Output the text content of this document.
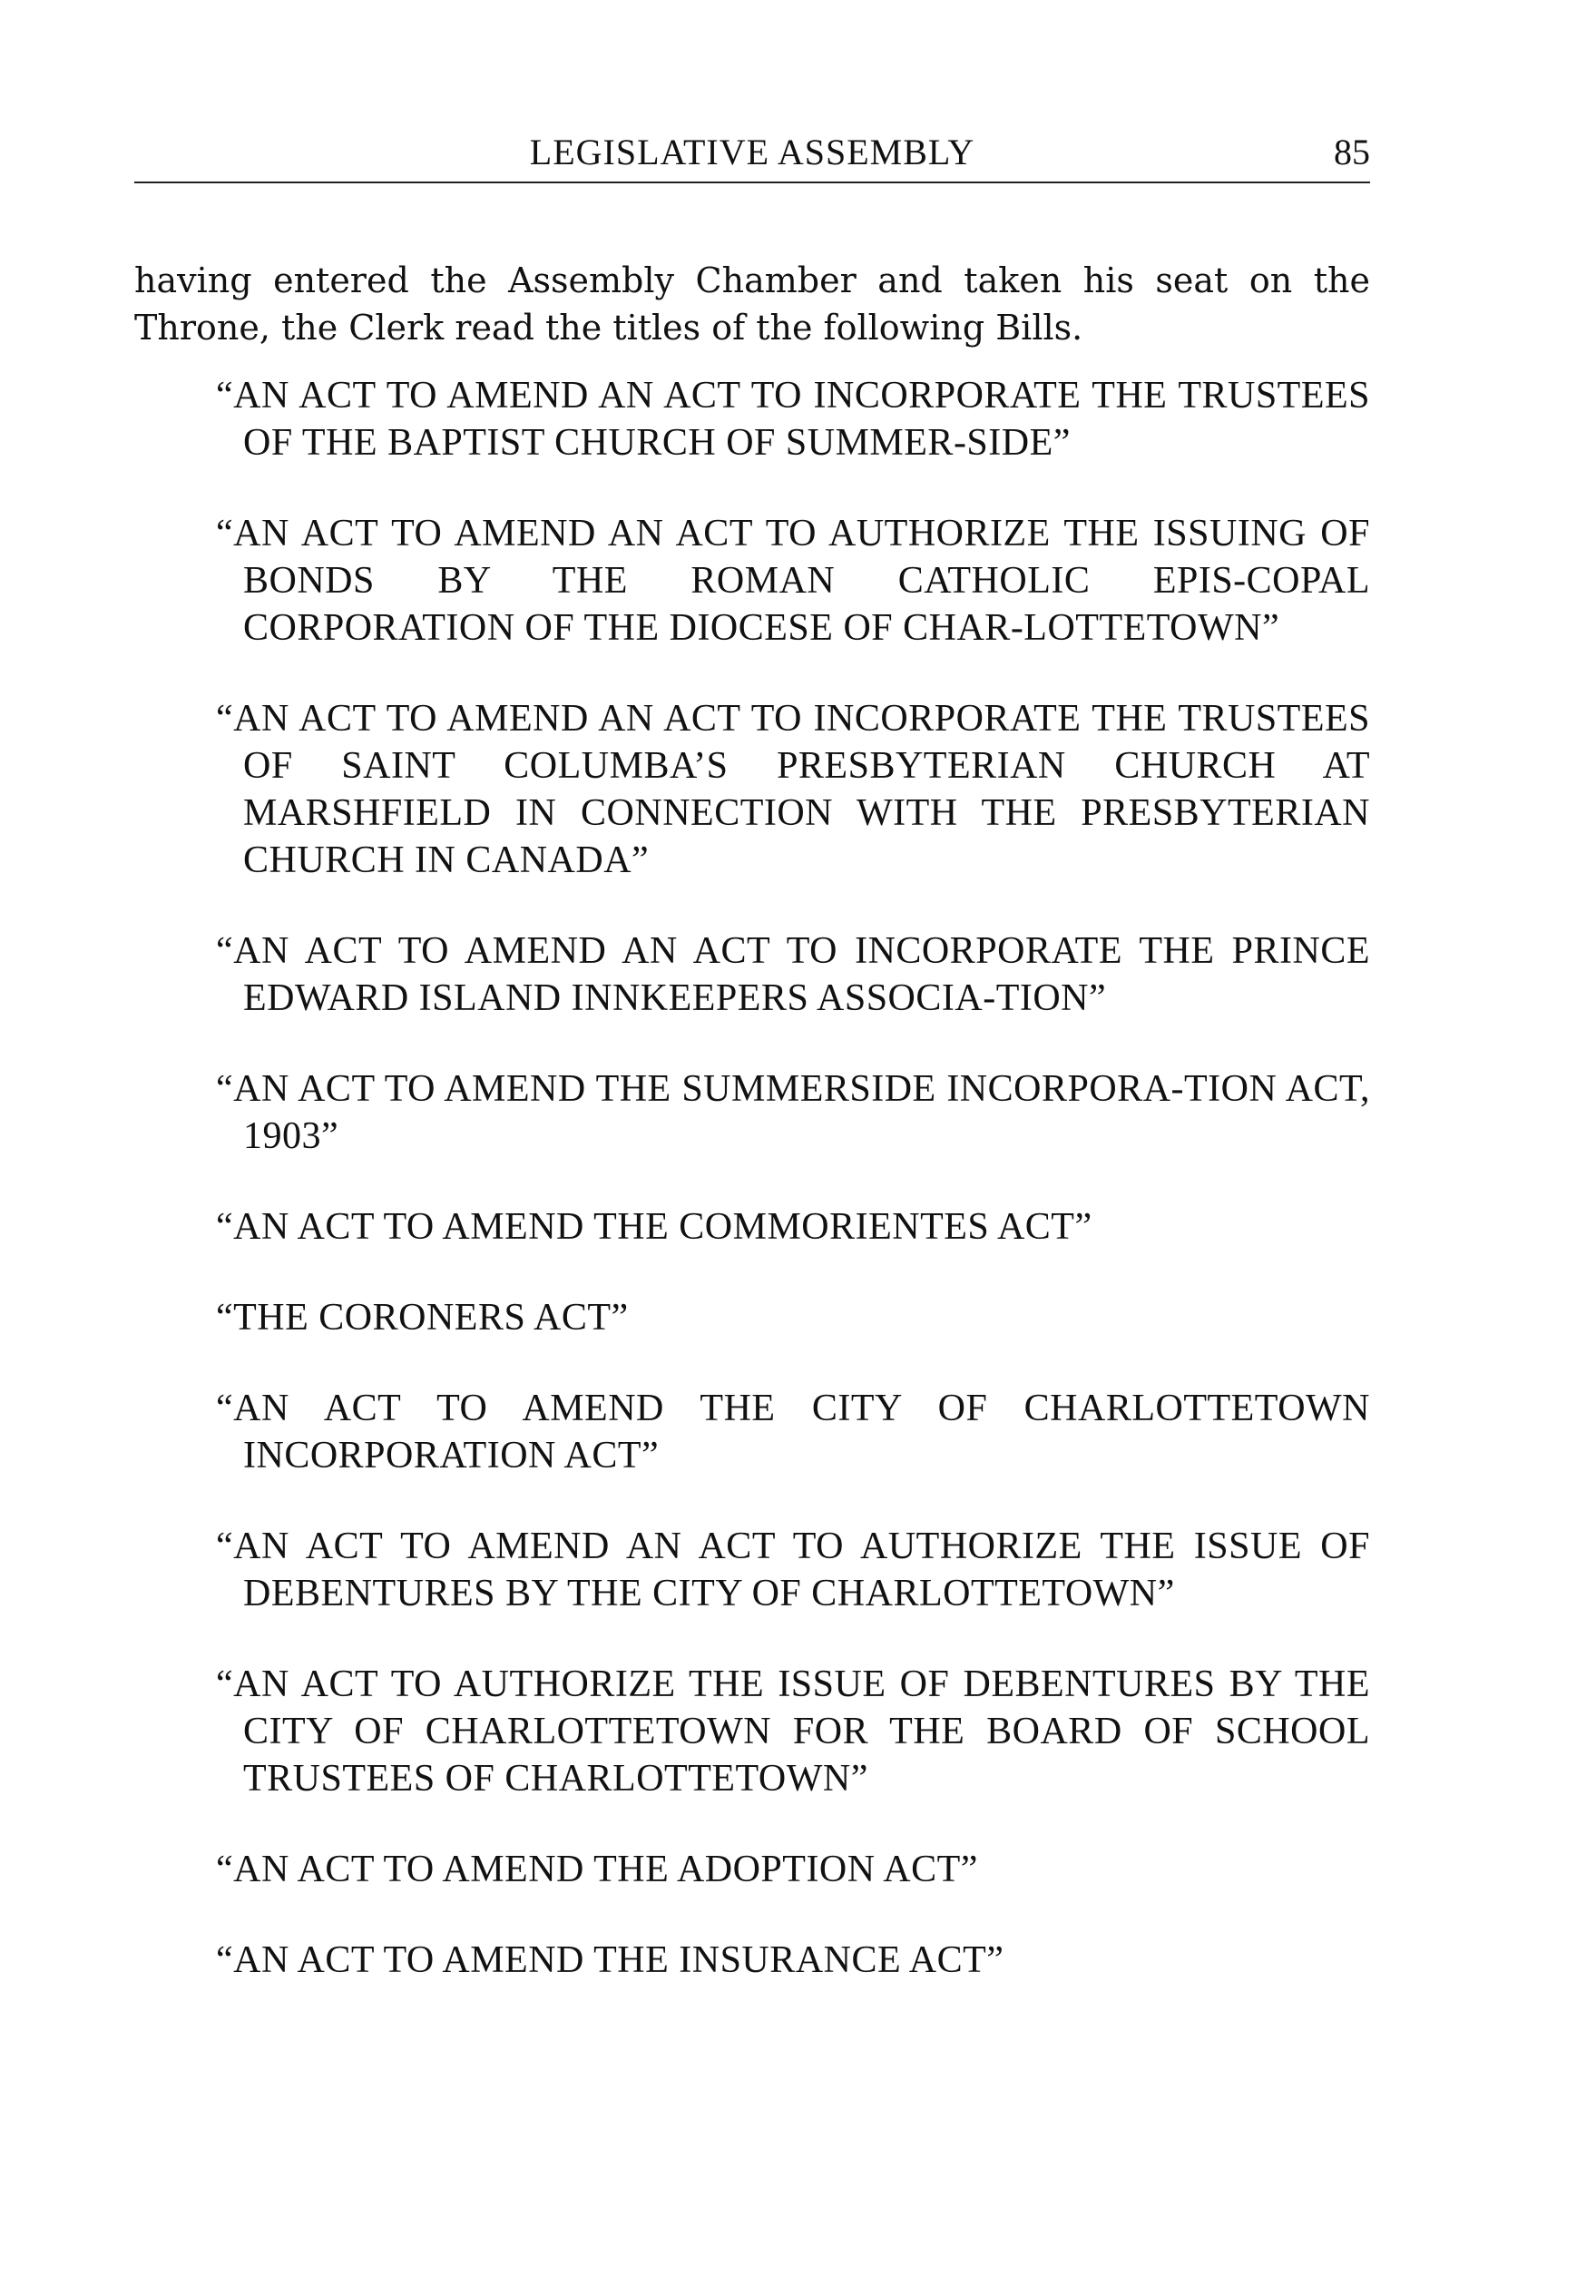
LEGISLATIVE ASSEMBLY	85

having entered the Assembly Chamber and taken his seat on the Throne, the Clerk read the titles of the following Bills.

“AN ACT TO AMEND AN ACT TO INCORPORATE THE TRUSTEES OF THE BAPTIST CHURCH OF SUMMER-SIDE”
“AN ACT TO AMEND AN ACT TO AUTHORIZE THE ISSUING OF BONDS BY THE ROMAN CATHOLIC EPIS-COPAL CORPORATION OF THE DIOCESE OF CHAR-LOTTETOWN”
“AN ACT TO AMEND AN ACT TO INCORPORATE THE TRUSTEES OF SAINT COLUMBA’S PRESBYTERIAN CHURCH AT MARSHFIELD IN CONNECTION WITH THE PRESBYTERIAN CHURCH IN CANADA”
“AN ACT TO AMEND AN ACT TO INCORPORATE THE PRINCE EDWARD ISLAND INNKEEPERS ASSOCIA-TION”
“AN ACT TO AMEND THE SUMMERSIDE INCORPORA-TION ACT, 1903”
“AN ACT TO AMEND THE COMMORIENTES ACT”
“THE CORONERS ACT”
“AN ACT TO AMEND THE CITY OF CHARLOTTETOWN INCORPORATION ACT”
“AN ACT TO AMEND AN ACT TO AUTHORIZE THE ISSUE OF DEBENTURES BY THE CITY OF CHARLOTTETOWN”
“AN ACT TO AUTHORIZE THE ISSUE OF DEBENTURES BY THE CITY OF CHARLOTTETOWN FOR THE BOARD OF SCHOOL TRUSTEES OF CHARLOTTETOWN”
“AN ACT TO AMEND THE ADOPTION ACT”
“AN ACT TO AMEND THE INSURANCE ACT”
